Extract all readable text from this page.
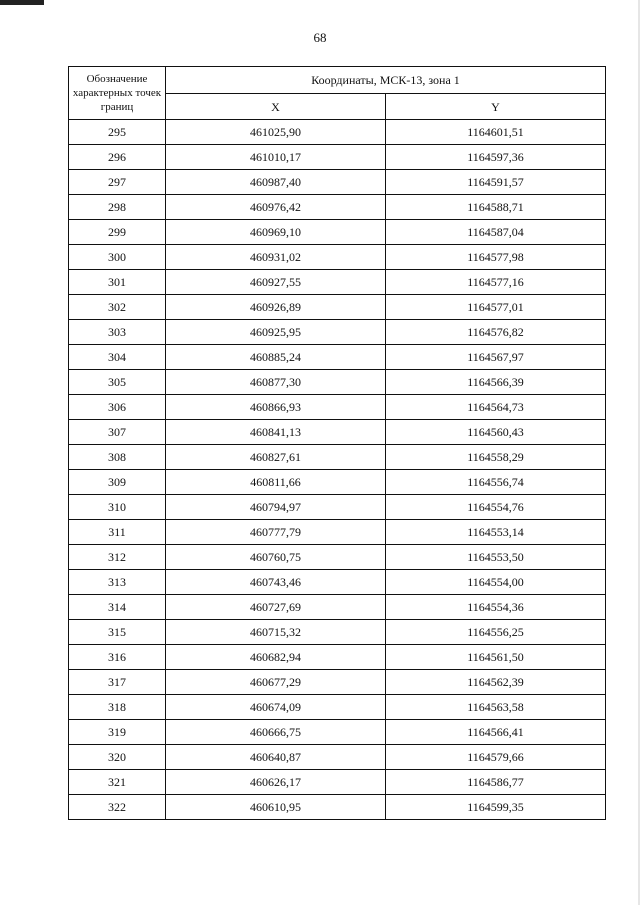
68
Обозначение характерных точек границ	Координаты, МСК-13, зона 1	
	X	Y
295	461025,90	1164601,51
296	461010,17	1164597,36
297	460987,40	1164591,57
298	460976,42	1164588,71
299	460969,10	1164587,04
300	460931,02	1164577,98
301	460927,55	1164577,16
302	460926,89	1164577,01
303	460925,95	1164576,82
304	460885,24	1164567,97
305	460877,30	1164566,39
306	460866,93	1164564,73
307	460841,13	1164560,43
308	460827,61	1164558,29
309	460811,66	1164556,74
310	460794,97	1164554,76
311	460777,79	1164553,14
312	460760,75	1164553,50
313	460743,46	1164554,00
314	460727,69	1164554,36
315	460715,32	1164556,25
316	460682,94	1164561,50
317	460677,29	1164562,39
318	460674,09	1164563,58
319	460666,75	1164566,41
320	460640,87	1164579,66
321	460626,17	1164586,77
322	460610,95	1164599,35
